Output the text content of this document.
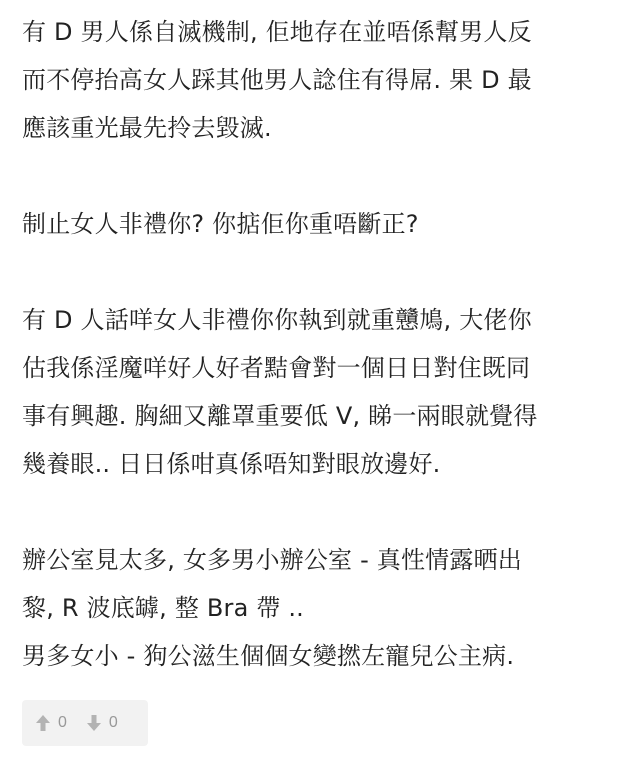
有 D 男人係自滅機制, 佢地存在並唔係幫男人反
而不停抬高女人踩其他男人諗住有得屌. 果 D 最
應該重光最先拎去毀滅.
制止女人非禮你? 你掂佢你重唔斷正?
有 D 人話咩女人非禮你你執到就重戇鳩, 大佬你
估我係淫魔咩好人好者黠會對一個日日對住既同
事有興趣. 胸細又離罩重要低 V, 睇一兩眼就覺得
幾養眼.. 日日係咁真係唔知對眼放邊好.
辦公室見太多, 女多男小辦公室 - 真性情露晒出
黎, R 波底罅, 整 Bra 帶 ..
男多女小 - 狗公滋生個個女變撚左寵兒公主病.
0	0
